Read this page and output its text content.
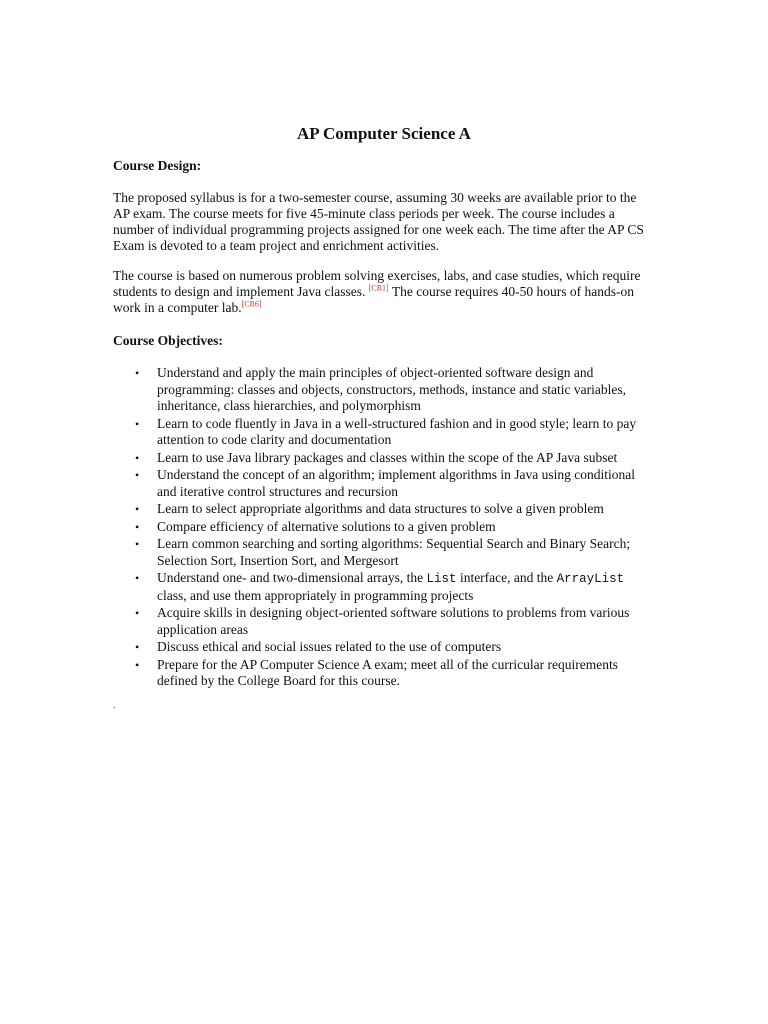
AP Computer Science A
Course Design:
The proposed syllabus is for a two-semester course, assuming 30 weeks are available prior to the
AP exam. The course meets for five 45-minute class periods per week. The course includes a
number of individual programming projects assigned for one week each. The time after the AP CS
Exam is devoted to a team project and enrichment activities.
The course is based on numerous problem solving exercises, labs, and case studies, which require
students to design and implement Java classes. [CR1] The course requires 40-50 hours of hands-on
work in a computer lab.[CR6]
Course Objectives:
• Understand and apply the main principles of object-oriented software design and
programming: classes and objects, constructors, methods, instance and static variables,
inheritance, class hierarchies, and polymorphism
• Learn to code fluently in Java in a well-structured fashion and in good style; learn to pay
attention to code clarity and documentation
• Learn to use Java library packages and classes within the scope of the AP Java subset
• Understand the concept of an algorithm; implement algorithms in Java using conditional
and iterative control structures and recursion
• Learn to select appropriate algorithms and data structures to solve a given problem
• Compare efficiency of alternative solutions to a given problem
• Learn common searching and sorting algorithms: Sequential Search and Binary Search;
Selection Sort, Insertion Sort, and Mergesort
• Understand one- and two-dimensional arrays, the List interface, and the ArrayList
class, and use them appropriately in programming projects
• Acquire skills in designing object-oriented software solutions to problems from various
application areas
• Discuss ethical and social issues related to the use of computers
• Prepare for the AP Computer Science A exam; meet all of the curricular requirements
defined by the College Board for this course.
.
